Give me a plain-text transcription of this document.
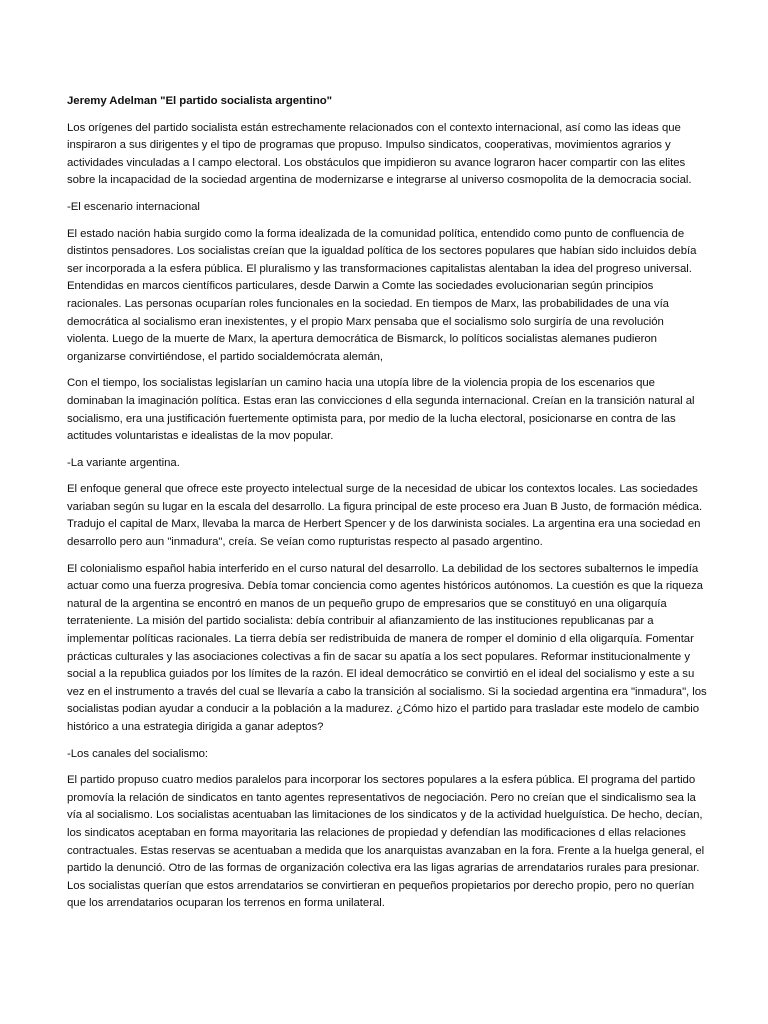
Jeremy Adelman "El partido socialista argentino"

Los orígenes del partido socialista están estrechamente relacionados con el contexto internacional, así como las ideas que inspiraron a sus dirigentes y el tipo de programas que propuso. Impulso sindicatos, cooperativas, movimientos agrarios y actividades vinculadas a l campo electoral. Los obstáculos que impidieron su avance lograron hacer compartir con las elites sobre la incapacidad de la sociedad argentina de modernizarse e integrarse al universo cosmopolita de la democracia social.

-El escenario internacional

El estado nación habia surgido como la forma idealizada de la comunidad política, entendido como punto de confluencia de distintos pensadores. Los socialistas creían que la igualdad política de los sectores populares que habían sido incluidos debía ser incorporada a la esfera pública. El pluralismo y las transformaciones capitalistas alentaban la idea del progreso universal. Entendidas en marcos científicos particulares, desde Darwin a Comte las sociedades evolucionarian según principios racionales. Las personas ocuparían roles funcionales en la sociedad. En tiempos de Marx, las probabilidades de una vía democrática al socialismo eran inexistentes, y el propio Marx pensaba que el socialismo solo surgiría de una revolución violenta. Luego de la muerte de Marx, la apertura democrática de Bismarck, lo políticos socialistas alemanes pudieron organizarse convirtiéndose, el partido socialdemócrata alemán,

Con el tiempo, los socialistas legislarían un camino hacia una utopía libre de la violencia propia de los escenarios que dominaban la imaginación política. Estas eran las convicciones d ella segunda internacional. Creían en la transición natural al socialismo, era una justificación fuertemente optimista para, por medio de la lucha electoral, posicionarse en contra de las actitudes voluntaristas e idealistas de la mov popular.

-La variante argentina.

El enfoque general que ofrece este proyecto intelectual surge de la necesidad de ubicar los contextos locales. Las sociedades variaban según su lugar en la escala del desarrollo. La figura principal de este proceso era Juan B Justo, de formación médica. Tradujo el capital de Marx, llevaba la marca de Herbert Spencer y de los darwinista sociales. La argentina era una sociedad en desarrollo pero aun "inmadura", creía. Se veían como rupturistas respecto al pasado argentino.

El colonialismo español habia interferido en el curso natural del desarrollo. La debilidad de los sectores subalternos le impedía actuar como una fuerza progresiva. Debía tomar conciencia como agentes históricos autónomos. La cuestión es que la riqueza natural de la argentina se encontró en manos de un pequeño grupo de empresarios que se constituyó en una oligarquía terrateniente. La misión del partido socialista: debía contribuir al afianzamiento de las instituciones republicanas par a implementar políticas racionales. La tierra debía ser redistribuida de manera de romper el dominio d ella oligarquía. Fomentar prácticas culturales y las asociaciones colectivas a fin de sacar su apatía a los sect populares. Reformar institucionalmente y social a la republica guiados por los límites de la razón. El ideal democrático se convirtió en el ideal del socialismo y este a su vez en el instrumento a través del cual se llevaría a cabo la transición al socialismo. Si la sociedad argentina era "inmadura", los socialistas podian ayudar a conducir a la población a la madurez. ¿Cómo hizo el partido para trasladar este modelo de cambio histórico a una estrategia dirigida a ganar adeptos?

-Los canales del socialismo:

El partido propuso cuatro medios paralelos para incorporar los sectores populares a la esfera pública. El programa del partido promovía la relación de sindicatos en tanto agentes representativos de negociación. Pero no creían que el sindicalismo sea la vía al socialismo. Los socialistas acentuaban las limitaciones de los sindicatos y de la actividad huelguística. De hecho, decían, los sindicatos aceptaban en forma mayoritaria las relaciones de propiedad y defendían las modificaciones d ellas relaciones contractuales. Estas reservas se acentuaban a medida que los anarquistas avanzaban en la fora. Frente a la huelga general, el partido la denunció. Otro de las formas de organización colectiva era las ligas agrarias de arrendatarios rurales para presionar. Los socialistas querían que estos arrendatarios se convirtieran en pequeños propietarios por derecho propio, pero no querían que los arrendatarios ocuparan los terrenos en forma unilateral.
